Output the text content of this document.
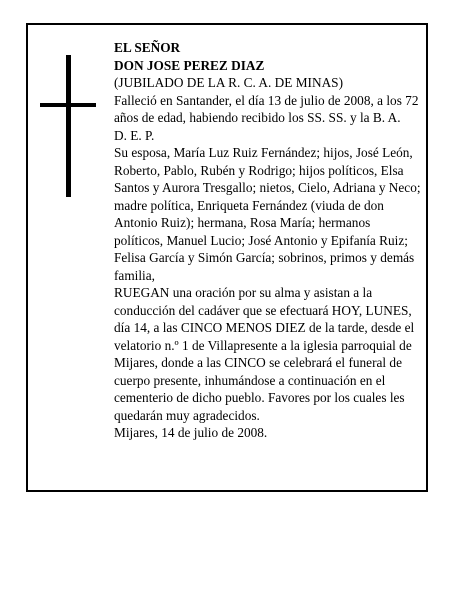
EL SEÑOR

DON JOSE PEREZ DIAZ

(JUBILADO DE LA R. C. A. DE MINAS)

Falleció en Santander, el día 13 de julio de 2008, a los 72 años de edad, habiendo recibido los SS. SS. y la B. A.

D. E. P.

Su esposa, María Luz Ruiz Fernández; hijos, José León, Roberto, Pablo, Rubén y Rodrigo; hijos políticos, Elsa Santos y Aurora Tresgallo; nietos, Cielo, Adriana y Neco; madre política, Enriqueta Fernández (viuda de don Antonio Ruiz); hermana, Rosa María; hermanos políticos, Manuel Lucio; José Antonio y Epifanía Ruiz; Felisa García y Simón García; sobrinos, primos y demás familia,

RUEGAN una oración por su alma y asistan a la conducción del cadáver que se efectuará HOY, LUNES, día 14, a las CINCO MENOS DIEZ de la tarde, desde el velatorio n.º 1 de Villapresente a la iglesia parroquial de Mijares, donde a las CINCO se celebrará el funeral de cuerpo presente, inhumándose a continuación en el cementerio de dicho pueblo. Favores por los cuales les quedarán muy agradecidos.

Mijares, 14 de julio de 2008.
